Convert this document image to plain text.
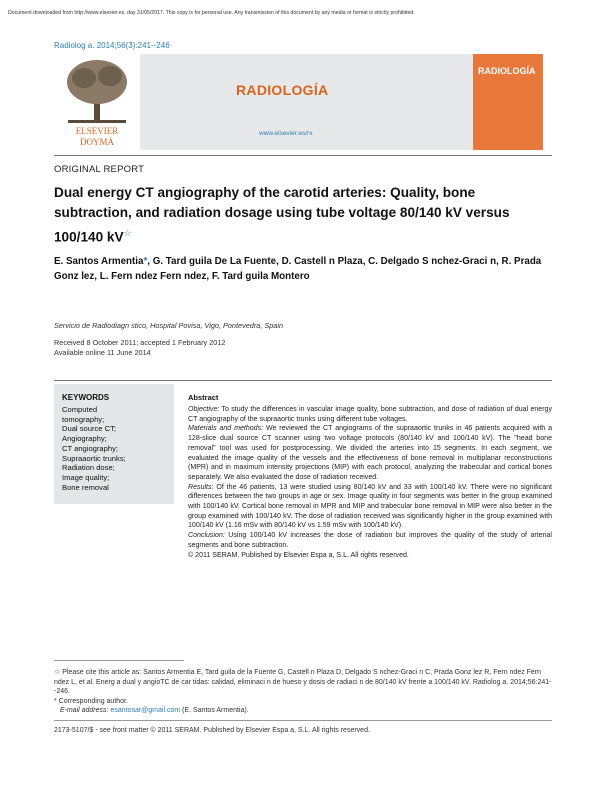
Document downloaded from http://www.elsevier.es, day 31/05/2017. This copy is for personal use. Any transmission of this document by any media or format is strictly prohibited.
Radiolog a. 2014;56(3):241--246
ELSEVIER
DOYMA
RADIOLOGÍA
www.elsevier.es/rx
RADIOLOGÍA
ORIGINAL REPORT
Dual energy CT angiography of the carotid arteries: Quality, bone subtraction, and radiation dosage using tube voltage 80/140 kV versus 100/140 kV☆
E. Santos Armentia*, G. Tard guila De La Fuente, D. Castell n Plaza, C. Delgado S nchez-Graci n, R. Prada Gonz lez, L. Fern ndez Fern ndez, F. Tard guila Montero
Servicio de Radiodiagn stico, Hospital Povisa, Vigo, Pontevedra, Spain
Received 8 October 2011; accepted 1 February 2012
Available online 11 June 2014
KEYWORDS
Computed
tomography;
Dual source CT;
Angiography;
CT angiography;
Supraaortic trunks;
Radiation dose;
Image quality;
Bone removal
Abstract

Objective: To study the differences in vascular image quality, bone subtraction, and dose of radiation of dual energy CT angiography of the supraaortic trunks using different tube voltages.

Materials and methods: We reviewed the CT angiograms of the supraaortic trunks in 46 patients acquired with a 128-slice dual source CT scanner using two voltage protocols (80/140 kV and 100/140 kV). The ''head bone removal'' tool was used for postprocessing. We divided the arteries into 15 segments. In each segment, we evaluated the image quality of the vessels and the effectiveness of bone removal in multiplanar reconstructions (MPR) and in maximum intensity projections (MIP) with each protocol, analyzing the trabecular and cortical bones separately. We also evaluated the dose of radiation received.

Results: Of the 46 patients, 13 were studied using 80/140 kV and 33 with 100/140 kV. There were no significant differences between the two groups in age or sex. Image quality in four segments was better in the group examined with 100/140 kV. Cortical bone removal in MPR and MIP and trabecular bone removal in MIP were also better in the group examined with 100/140 kV. The dose of radiation received was significantly higher in the group examined with 100/140 kV (1.16 mSv with 80/140 kV vs 1.59 mSv with 100/140 kV).

Conclusion: Using 100/140 kV increases the dose of radiation but improves the quality of the study of arterial segments and bone subtraction.

© 2011 SERAM. Published by Elsevier Espa a, S.L. All rights reserved.

☆ Please cite this article as: Santos Armentia E, Tard guila de la Fuente G, Castell n Plaza D, Delgado S nchez-Graci n C, Prada Gonz lez R, Fern ndez Fern ndez L, et al. Energ a dual y angioTC de car tidas: calidad, eliminaci n de hueso y dosis de radiaci n de 80/140 kV frente a 100/140 kV. Radiolog a. 2014;56:241--246.

* Corresponding author.

E-mail address: esantosar@gmail.com (E. Santos Armentia).

2173-5107/$ - see front matter © 2011 SERAM. Published by Elsevier Espa a, S.L. All rights reserved.
